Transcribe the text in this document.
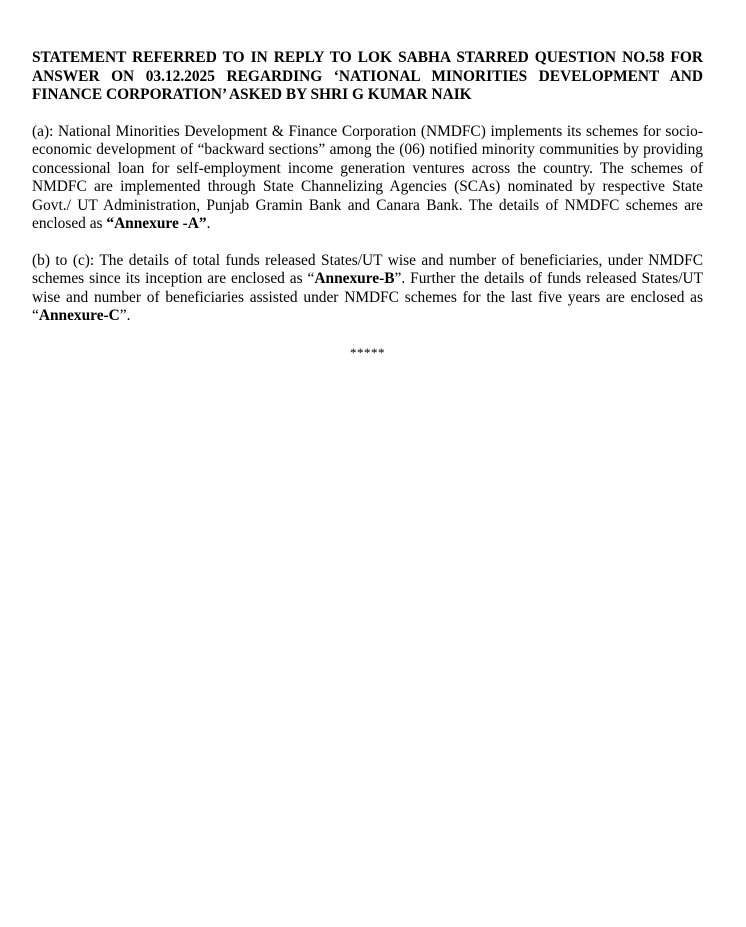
STATEMENT REFERRED TO IN REPLY TO LOK SABHA STARRED QUESTION NO.58 FOR ANSWER ON 03.12.2025 REGARDING ‘NATIONAL MINORITIES DEVELOPMENT AND FINANCE CORPORATION’ ASKED BY SHRI G KUMAR NAIK

(a): National Minorities Development & Finance Corporation (NMDFC) implements its schemes for socio-economic development of “backward sections” among the (06) notified minority communities by providing concessional loan for self-employment income generation ventures across the country. The schemes of NMDFC are implemented through State Channelizing Agencies (SCAs) nominated by respective State Govt./ UT Administration, Punjab Gramin Bank and Canara Bank. The details of NMDFC schemes are enclosed as “Annexure -A”.

(b) to (c): The details of total funds released States/UT wise and number of beneficiaries, under NMDFC schemes since its inception are enclosed as “Annexure-B”. Further the details of funds released States/UT wise and number of beneficiaries assisted under NMDFC schemes for the last five years are enclosed as “Annexure-C”.

*****
